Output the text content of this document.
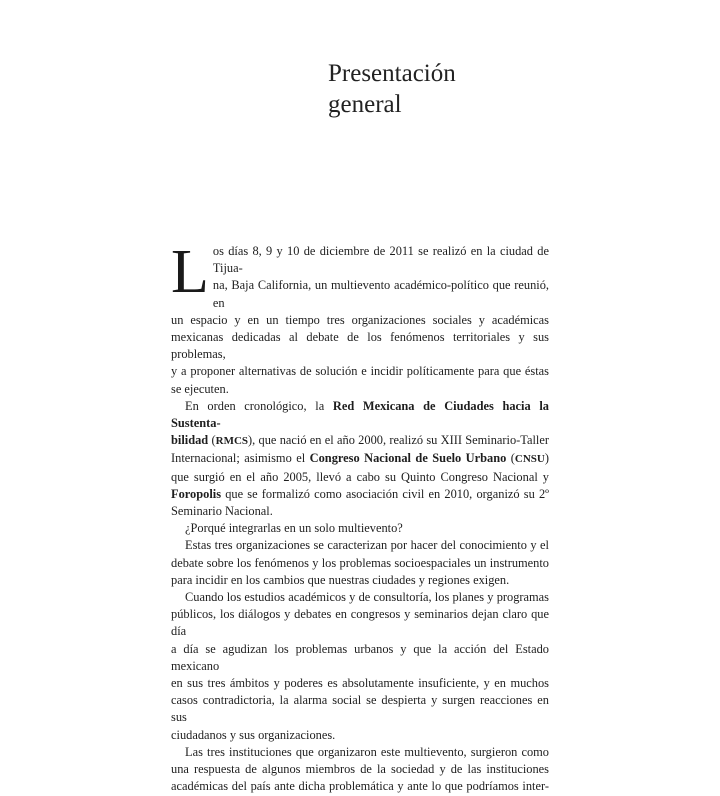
Presentación
general
L os días 8, 9 y 10 de diciembre de 2011 se realizó en la ciudad de Tijua-
na, Baja California, un multievento académico-político que reunió, en
un espacio y en un tiempo tres organizaciones sociales y académicas
mexicanas dedicadas al debate de los fenómenos territoriales y sus problemas,
y a proponer alternativas de solución e incidir políticamente para que éstas
se ejecuten.
En orden cronológico, la Red Mexicana de Ciudades hacia la Sustenta-
bilidad (RMCS), que nació en el año 2000, realizó su XIII Seminario-Taller
Internacional; asimismo el Congreso Nacional de Suelo Urbano (CNSU)
que surgió en el año 2005, llevó a cabo su Quinto Congreso Nacional y
Foropolis que se formalizó como asociación civil en 2010, organizó su 2º
Seminario Nacional.
¿Porqué integrarlas en un solo multievento?
Estas tres organizaciones se caracterizan por hacer del conocimiento y el
debate sobre los fenómenos y los problemas socioespaciales un instrumento
para incidir en los cambios que nuestras ciudades y regiones exigen.
Cuando los estudios académicos y de consultoría, los planes y programas
públicos, los diálogos y debates en congresos y seminarios dejan claro que día
a día se agudizan los problemas urbanos y que la acción del Estado mexicano
en sus tres ámbitos y poderes es absolutamente insuficiente, y en muchos
casos contradictoria, la alarma social se despierta y surgen reacciones en sus
ciudadanos y sus organizaciones.
Las tres instituciones que organizaron este multievento, surgieron como
una respuesta de algunos miembros de la sociedad y de las instituciones
académicas del país ante dicha problemática y ante lo que podríamos inter-
